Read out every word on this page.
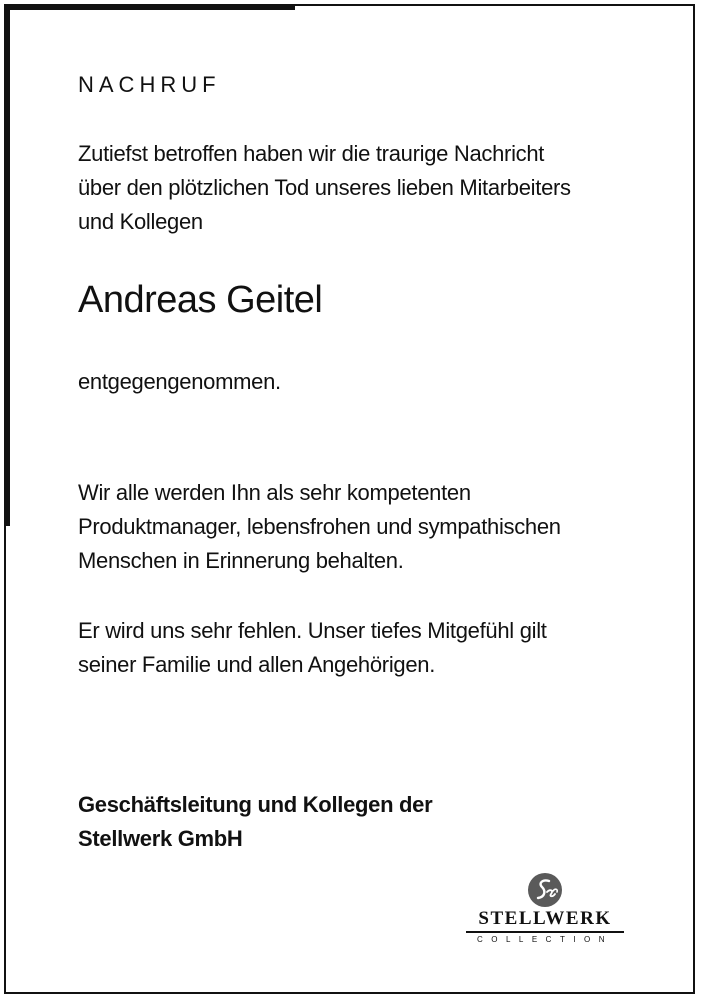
NACHRUF
Zutiefst betroffen haben wir die traurige Nachricht
über den plötzlichen Tod unseres lieben Mitarbeiters
und Kollegen
Andreas Geitel
entgegengenommen.
Wir alle werden Ihn als sehr kompetenten
Produktmanager, lebensfrohen und sympathischen
Menschen in Erinnerung behalten.
Er wird uns sehr fehlen. Unser tiefes Mitgefühl gilt
seiner Familie und allen Angehörigen.
Geschäftsleitung und Kollegen der
Stellwerk GmbH
STELLWERK
COLLECTION
